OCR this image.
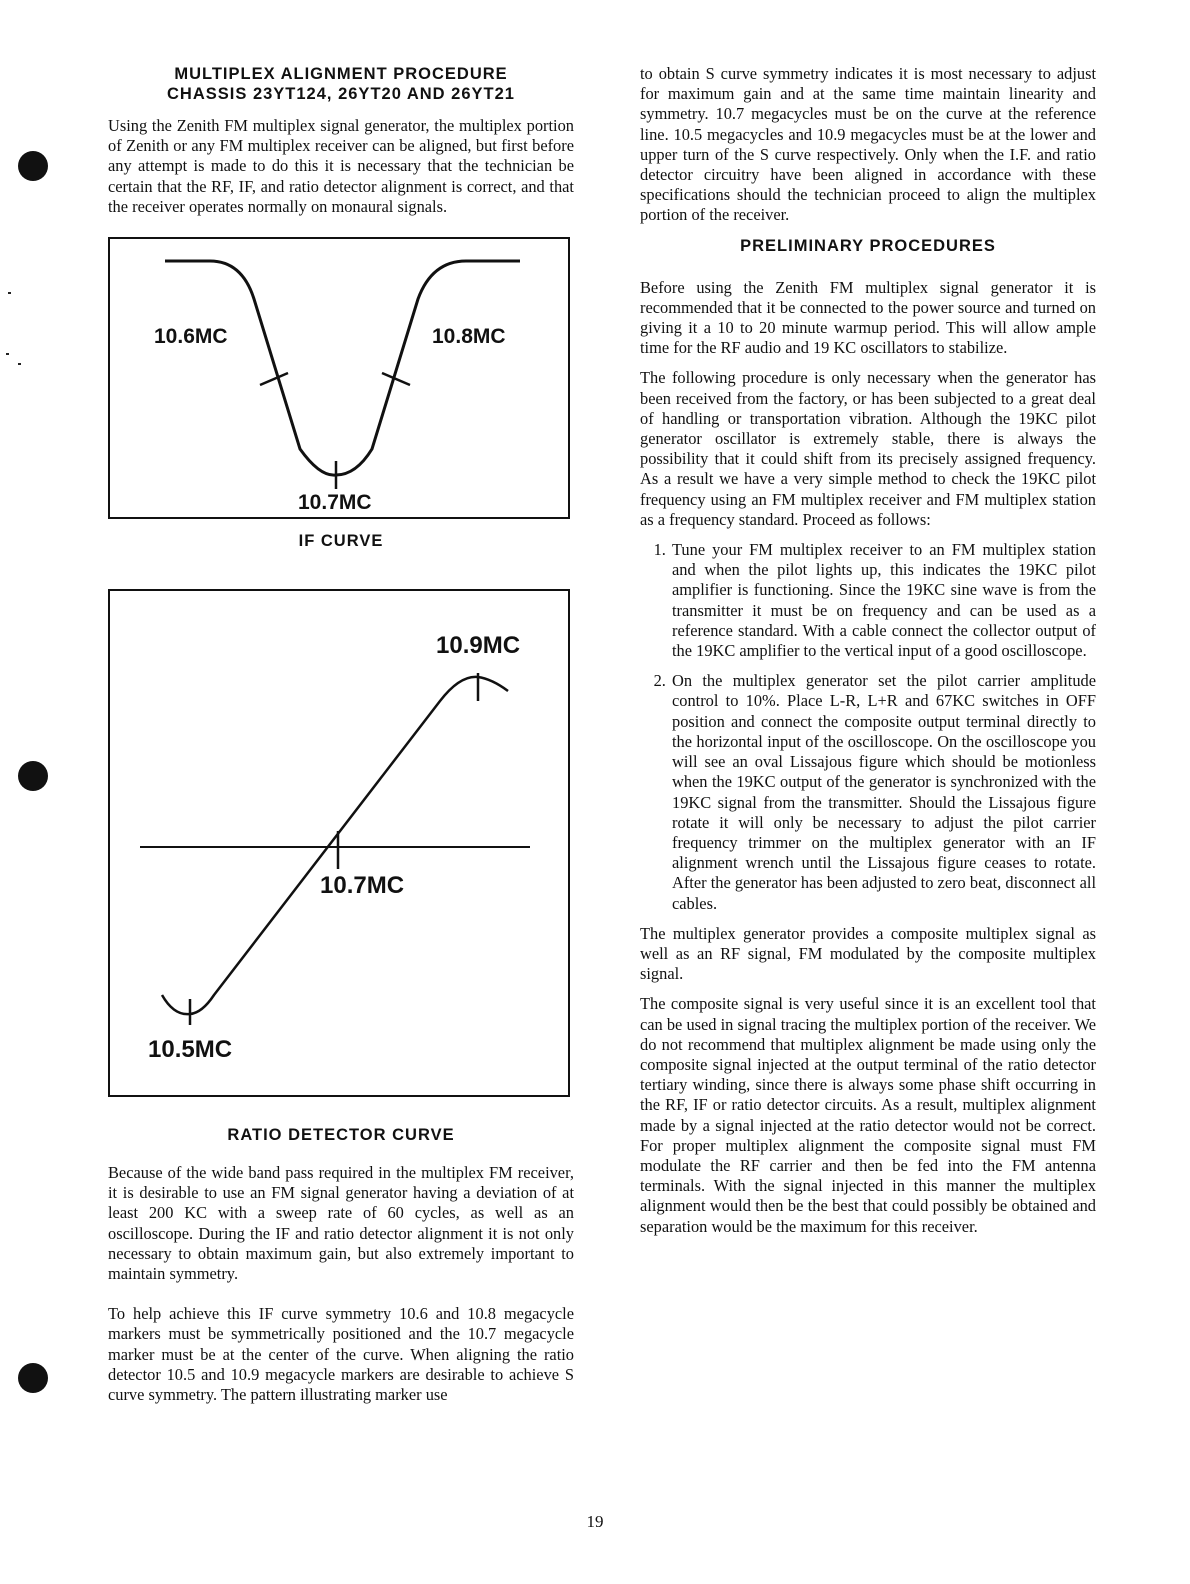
MULTIPLEX ALIGNMENT PROCEDURE
CHASSIS 23YT124, 26YT20 AND 26YT21

Using the Zenith FM multiplex signal generator, the multiplex portion of Zenith or any FM multiplex receiver can be aligned, but first before any attempt is made to do this it is necessary that the technician be certain that the RF, IF, and ratio detector alignment is correct, and that the receiver operates normally on monaural signals.

10.6MC	10.8MC
10.7MC
IF CURVE
10.9MC
10.7MC
10.5MC
RATIO DETECTOR CURVE

Because of the wide band pass required in the multiplex FM receiver, it is desirable to use an FM signal generator having a deviation of at least 200 KC with a sweep rate of 60 cycles, as well as an oscilloscope. During the IF and ratio detector alignment it is not only necessary to obtain maximum gain, but also extremely important to maintain symmetry.

To help achieve this IF curve symmetry 10.6 and 10.8 megacycle markers must be symmetrically positioned and the 10.7 megacycle marker must be at the center of the curve. When aligning the ratio detector 10.5 and 10.9 megacycle markers are desirable to achieve S curve symmetry. The pattern illustrating marker use

to obtain S curve symmetry indicates it is most necessary to adjust for maximum gain and at the same time maintain linearity and symmetry. 10.7 megacycles must be on the curve at the reference line. 10.5 megacycles and 10.9 megacycles must be at the lower and upper turn of the S curve respectively. Only when the I.F. and ratio detector circuitry have been aligned in accordance with these specifications should the technician proceed to align the multiplex portion of the receiver.

PRELIMINARY PROCEDURES

Before using the Zenith FM multiplex signal generator it is recommended that it be connected to the power source and turned on giving it a 10 to 20 minute warmup period. This will allow ample time for the RF audio and 19 KC oscillators to stabilize.

The following procedure is only necessary when the generator has been received from the factory, or has been subjected to a great deal of handling or transportation vibration. Although the 19KC pilot generator oscillator is extremely stable, there is always the possibility that it could shift from its precisely assigned frequency. As a result we have a very simple method to check the 19KC pilot frequency using an FM multiplex receiver and FM multiplex station as a frequency standard. Proceed as follows:

1. Tune your FM multiplex receiver to an FM multiplex station and when the pilot lights up, this indicates the 19KC pilot amplifier is functioning. Since the 19KC sine wave is from the transmitter it must be on frequency and can be used as a reference standard. With a cable connect the collector output of the 19KC amplifier to the vertical input of a good oscilloscope.
2. On the multiplex generator set the pilot carrier amplitude control to 10%. Place L-R, L+R and 67KC switches in OFF position and connect the composite output terminal directly to the horizontal input of the oscilloscope. On the oscilloscope you will see an oval Lissajous figure which should be motionless when the 19KC output of the generator is synchronized with the 19KC signal from the transmitter. Should the Lissajous figure rotate it will only be necessary to adjust the pilot carrier frequency trimmer on the multiplex generator with an IF alignment wrench until the Lissajous figure ceases to rotate. After the generator has been adjusted to zero beat, disconnect all cables.

The multiplex generator provides a composite multiplex signal as well as an RF signal, FM modulated by the composite multiplex signal.

The composite signal is very useful since it is an excellent tool that can be used in signal tracing the multiplex portion of the receiver. We do not recommend that multiplex alignment be made using only the composite signal injected at the output terminal of the ratio detector tertiary winding, since there is always some phase shift occurring in the RF, IF or ratio detector circuits. As a result, multiplex alignment made by a signal injected at the ratio detector would not be correct. For proper multiplex alignment the composite signal must FM modulate the RF carrier and then be fed into the FM antenna terminals. With the signal injected in this manner the multiplex alignment would then be the best that could possibly be obtained and separation would be the maximum for this receiver.

19
